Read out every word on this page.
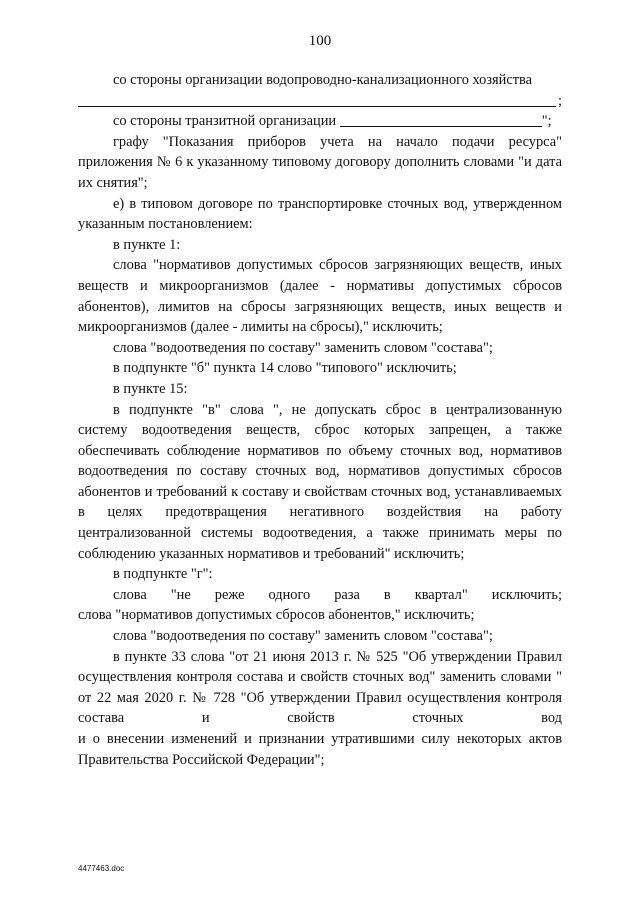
100

со стороны организации водопроводно-канализационного хозяйства

;

со стороны транзитной организации	";

графу "Показания приборов учета на начало подачи ресурса" приложения № 6 к указанному типовому договору дополнить словами "и дата их снятия";

е) в типовом договоре по транспортировке сточных вод, утвержденном указанным постановлением:

в пункте 1:

слова "нормативов допустимых сбросов загрязняющих веществ, иных веществ и микроорганизмов (далее - нормативы допустимых сбросов абонентов), лимитов на сбросы загрязняющих веществ, иных веществ и микроорганизмов (далее - лимиты на сбросы)," исключить;

слова "водоотведения по составу" заменить словом "состава";

в подпункте "б" пункта 14 слово "типового" исключить;

в пункте 15:

в подпункте "в" слова ", не допускать сброс в централизованную систему водоотведения веществ, сброс которых запрещен, а также обеспечивать соблюдение нормативов по объему сточных вод, нормативов водоотведения по составу сточных вод, нормативов допустимых сбросов абонентов и требований к составу и свойствам сточных вод, устанавливаемых в целях предотвращения негативного воздействия на работу централизованной системы водоотведения, а также принимать меры по соблюдению указанных нормативов и требований" исключить;

в подпункте "г":

слова "не реже одного раза в квартал" исключить;

слова "нормативов допустимых сбросов абонентов," исключить;

слова "водоотведения по составу" заменить словом "состава";

в пункте 33 слова "от 21 июня 2013 г. № 525 "Об утверждении Правил осуществления контроля состава и свойств сточных вод" заменить словами " от 22 мая 2020 г. № 728 "Об утверждении Правил осуществления контроля состава и свойств сточных вод

и о внесении изменений и признании утратившими силу некоторых актов Правительства Российской Федерации";

4477463.doc
